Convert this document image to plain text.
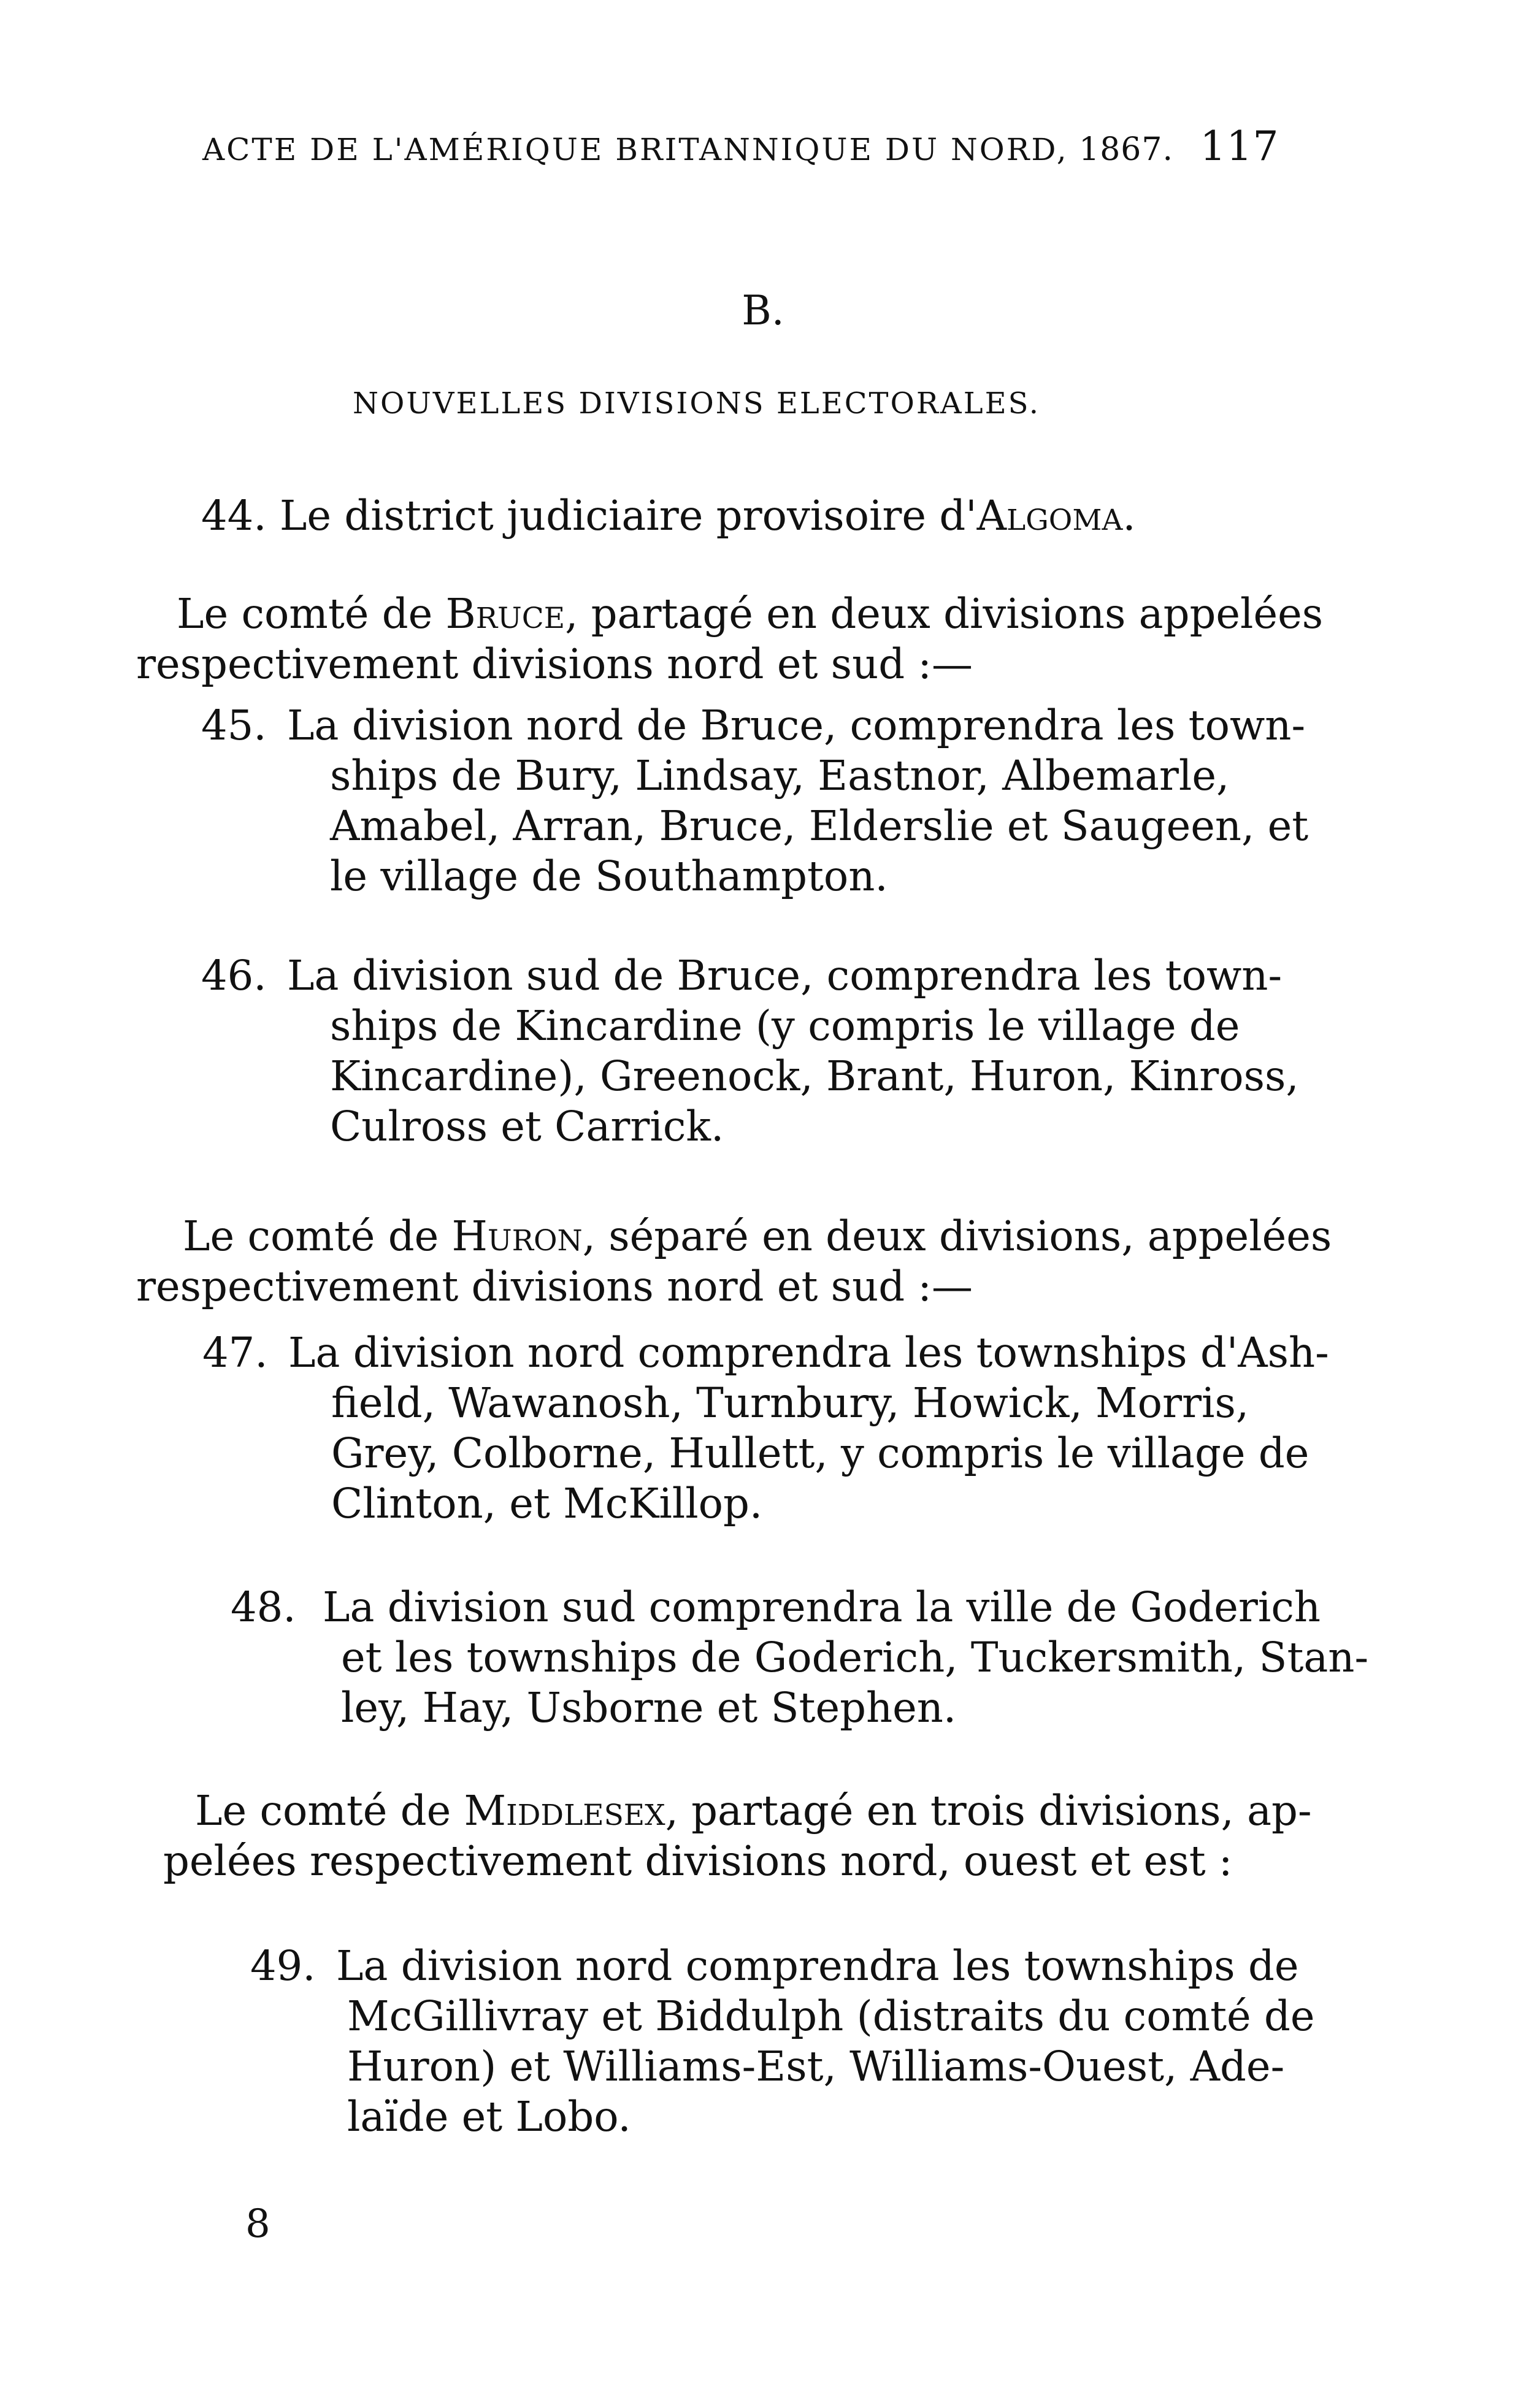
ACTE DE L'AMÉRIQUE BRITANNIQUE DU NORD, 1867. 117
B.
NOUVELLES DIVISIONS ELECTORALES.
44. Le district judiciaire provisoire d'Algoma.
Le comté de Bruce, partagé en deux divisions appelées
respectivement divisions nord et sud :—
45. La division nord de Bruce, comprendra les town-
ships de Bury, Lindsay, Eastnor, Albemarle,
Amabel, Arran, Bruce, Elderslie et Saugeen, et
le village de Southampton.
46. La division sud de Bruce, comprendra les town-
ships de Kincardine (y compris le village de
Kincardine), Greenock, Brant, Huron, Kinross,
Culross et Carrick.
Le comté de Huron, séparé en deux divisions, appelées
respectivement divisions nord et sud :—
47. La division nord comprendra les townships d'Ash-
field, Wawanosh, Turnbury, Howick, Morris,
Grey, Colborne, Hullett, y compris le village de
Clinton, et McKillop.
48. La division sud comprendra la ville de Goderich
et les townships de Goderich, Tuckersmith, Stan-
ley, Hay, Usborne et Stephen.
Le comté de Middlesex, partagé en trois divisions, ap-
pelées respectivement divisions nord, ouest et est :
49. La division nord comprendra les townships de
McGillivray et Biddulph (distraits du comté de
Huron) et Williams-Est, Williams-Ouest, Ade-
laïde et Lobo.
8
